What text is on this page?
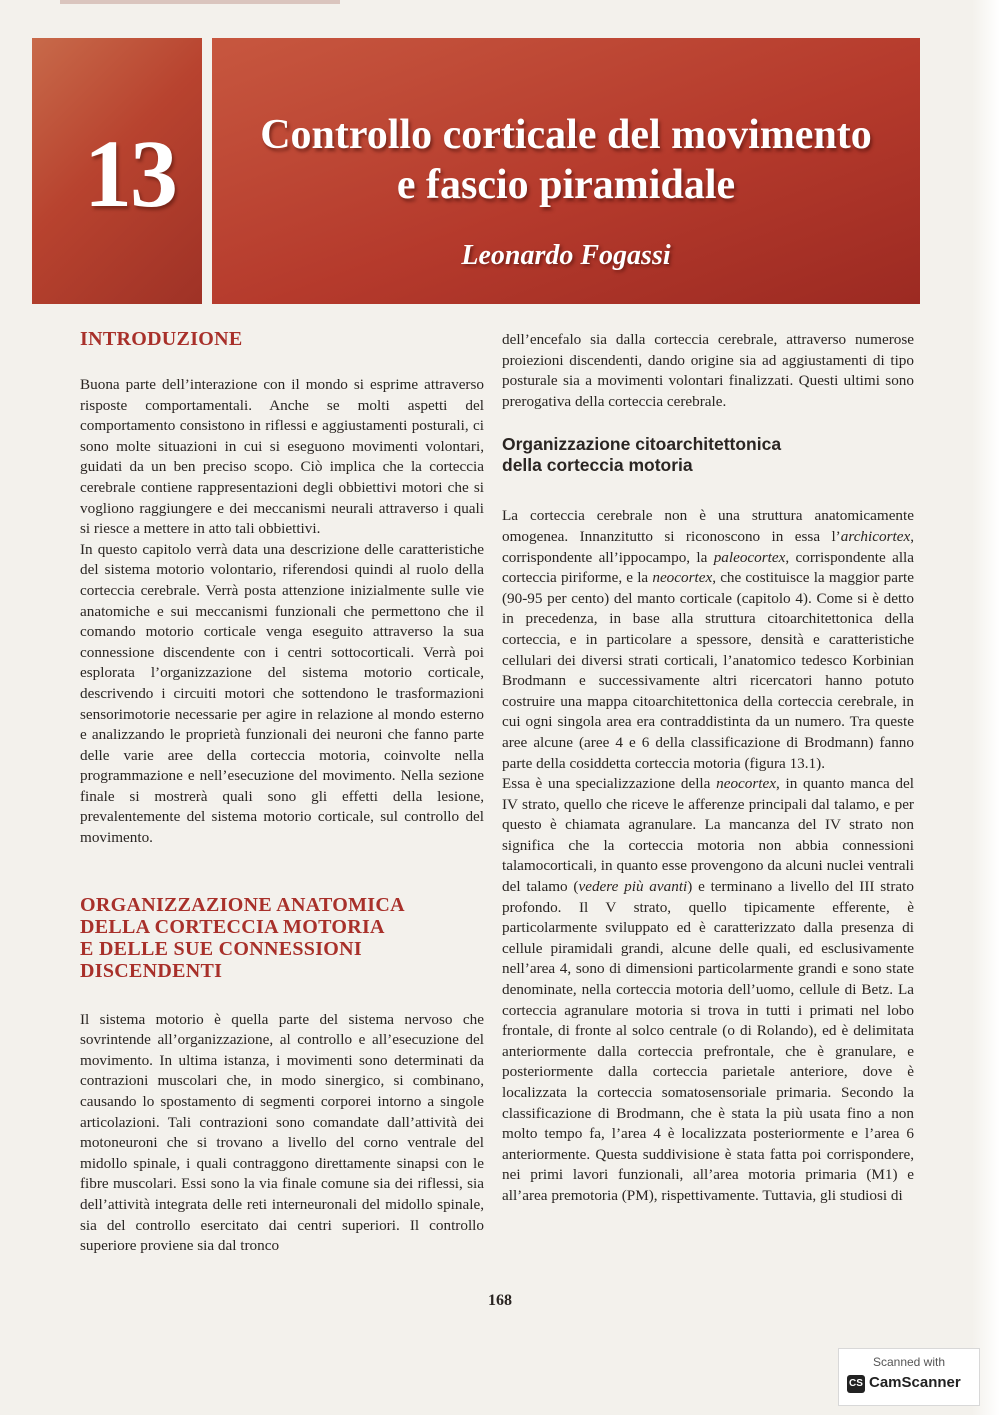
13	Controllo corticale del movimento
e fascio piramidale
Leonardo Fogassi
INTRODUZIONE

Buona parte dell’interazione con il mondo si esprime attraverso risposte comportamentali. Anche se molti aspetti del comportamento consistono in riflessi e aggiustamenti posturali, ci sono molte situazioni in cui si eseguono movimenti volontari, guidati da un ben preciso scopo. Ciò implica che la corteccia cerebrale contiene rappresentazioni degli obbiettivi motori che si vogliono raggiungere e dei meccanismi neurali attraverso i quali si riesce a mettere in atto tali obbiettivi.

In questo capitolo verrà data una descrizione delle caratteristiche del sistema motorio volontario, riferendosi quindi al ruolo della corteccia cerebrale. Verrà posta attenzione inizialmente sulle vie anatomiche e sui meccanismi funzionali che permettono che il comando motorio corticale venga eseguito attraverso la sua connessione discendente con i centri sottocorticali. Verrà poi esplorata l’organizzazione del sistema motorio corticale, descrivendo i circuiti motori che sottendono le trasformazioni sensorimotorie necessarie per agire in relazione al mondo esterno e analizzando le proprietà funzionali dei neuroni che fanno parte delle varie aree della corteccia motoria, coinvolte nella programmazione e nell’esecuzione del movimento. Nella sezione finale si mostrerà quali sono gli effetti della lesione, prevalentemente del sistema motorio corticale, sul controllo del movimento.

ORGANIZZAZIONE ANATOMICA
DELLA CORTECCIA MOTORIA
E DELLE SUE CONNESSIONI
DISCENDENTI

Il sistema motorio è quella parte del sistema nervoso che sovrintende all’organizzazione, al controllo e all’esecuzione del movimento. In ultima istanza, i movimenti sono determinati da contrazioni muscolari che, in modo sinergico, si combinano, causando lo spostamento di segmenti corporei intorno a singole articolazioni. Tali contrazioni sono comandate dall’attività dei motoneuroni che si trovano a livello del corno ventrale del midollo spinale, i quali contraggono direttamente sinapsi con le fibre muscolari. Essi sono la via finale comune sia dei riflessi, sia dell’attività integrata delle reti interneuronali del midollo spinale, sia del controllo esercitato dai centri superiori. Il controllo superiore proviene sia dal tronco

dell’encefalo sia dalla corteccia cerebrale, attraverso numerose proiezioni discendenti, dando origine sia ad aggiustamenti di tipo posturale sia a movimenti volontari finalizzati. Questi ultimi sono prerogativa della corteccia cerebrale.

Organizzazione citoarchitettonica
della corteccia motoria

La corteccia cerebrale non è una struttura anatomicamente omogenea. Innanzitutto si riconoscono in essa l’archicortex, corrispondente all’ippocampo, la paleocortex, corrispondente alla corteccia piriforme, e la neocortex, che costituisce la maggior parte (90-95 per cento) del manto corticale (capitolo 4). Come si è detto in precedenza, in base alla struttura citoarchitettonica della corteccia, e in particolare a spessore, densità e caratteristiche cellulari dei diversi strati corticali, l’anatomico tedesco Korbinian Brodmann e successivamente altri ricercatori hanno potuto costruire una mappa citoarchitettonica della corteccia cerebrale, in cui ogni singola area era contraddistinta da un numero. Tra queste aree alcune (aree 4 e 6 della classificazione di Brodmann) fanno parte della cosiddetta corteccia motoria (figura 13.1).

Essa è una specializzazione della neocortex, in quanto manca del IV strato, quello che riceve le afferenze principali dal talamo, e per questo è chiamata agranulare. La mancanza del IV strato non significa che la corteccia motoria non abbia connessioni talamocorticali, in quanto esse provengono da alcuni nuclei ventrali del talamo (vedere più avanti) e terminano a livello del III strato profondo. Il V strato, quello tipicamente efferente, è particolarmente sviluppato ed è caratterizzato dalla presenza di cellule piramidali grandi, alcune delle quali, ed esclusivamente nell’area 4, sono di dimensioni particolarmente grandi e sono state denominate, nella corteccia motoria dell’uomo, cellule di Betz. La corteccia agranulare motoria si trova in tutti i primati nel lobo frontale, di fronte al solco centrale (o di Rolando), ed è delimitata anteriormente dalla corteccia prefrontale, che è granulare, e posteriormente dalla corteccia parietale anteriore, dove è localizzata la corteccia somatosensoriale primaria. Secondo la classificazione di Brodmann, che è stata la più usata fino a non molto tempo fa, l’area 4 è localizzata posteriormente e l’area 6 anteriormente. Questa suddivisione è stata fatta poi corrispondere, nei primi lavori funzionali, all’area motoria primaria (M1) e all’area premotoria (PM), rispettivamente. Tuttavia, gli studiosi di

168
Scanned with
CS CamScanner
